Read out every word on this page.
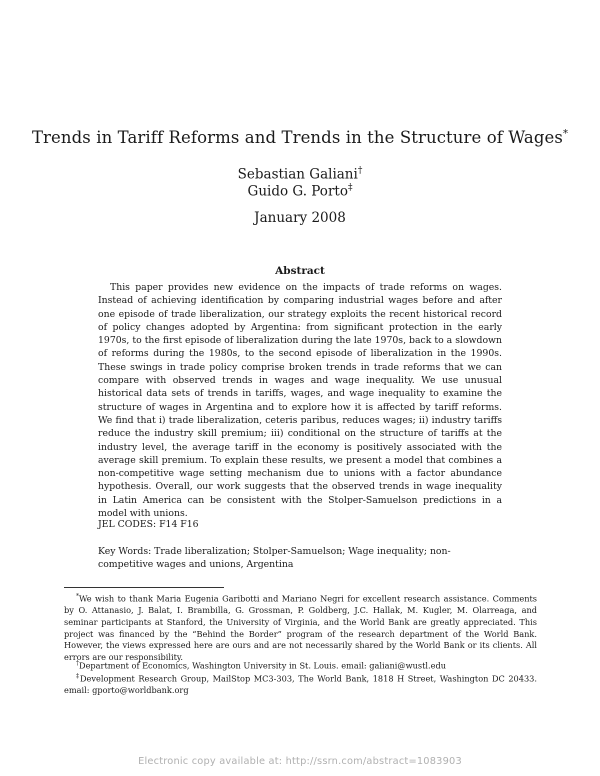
Trends in Tariff Reforms and Trends in the Structure of Wages*
Sebastian Galiani†
Guido G. Porto‡
January 2008
Abstract

This paper provides new evidence on the impacts of trade reforms on wages. Instead of achieving identification by comparing industrial wages before and after one episode of trade liberalization, our strategy exploits the recent historical record of policy changes adopted by Argentina: from significant protection in the early 1970s, to the first episode of liberalization during the late 1970s, back to a slowdown of reforms during the 1980s, to the second episode of liberalization in the 1990s. These swings in trade policy comprise broken trends in trade reforms that we can compare with observed trends in wages and wage inequality. We use unusual historical data sets of trends in tariffs, wages, and wage inequality to examine the structure of wages in Argentina and to explore how it is affected by tariff reforms. We find that i) trade liberalization, ceteris paribus, reduces wages; ii) industry tariffs reduce the industry skill premium; iii) conditional on the structure of tariffs at the industry level, the average tariff in the economy is positively associated with the average skill premium. To explain these results, we present a model that combines a non-competitive wage setting mechanism due to unions with a factor abundance hypothesis. Overall, our work suggests that the observed trends in wage inequality in Latin America can be consistent with the Stolper-Samuelson predictions in a model with unions.

JEL CODES: F14 F16

Key Words: Trade liberalization; Stolper-Samuelson; Wage inequality; non-competitive wages and unions, Argentina

*We wish to thank Maria Eugenia Garibotti and Mariano Negri for excellent research assistance. Comments by O. Attanasio, J. Balat, I. Brambilla, G. Grossman, P. Goldberg, J.C. Hallak, M. Kugler, M. Olarreaga, and seminar participants at Stanford, the University of Virginia, and the World Bank are greatly appreciated. This project was financed by the “Behind the Border” program of the research department of the World Bank. However, the views expressed here are ours and are not necessarily shared by the World Bank or its clients. All errors are our responsibility.

†Department of Economics, Washington University in St. Louis. email: galiani@wustl.edu

‡Development Research Group, MailStop MC3-303, The World Bank, 1818 H Street, Washington DC 20433. email: gporto@worldbank.org

Electronic copy available at: http://ssrn.com/abstract=1083903
